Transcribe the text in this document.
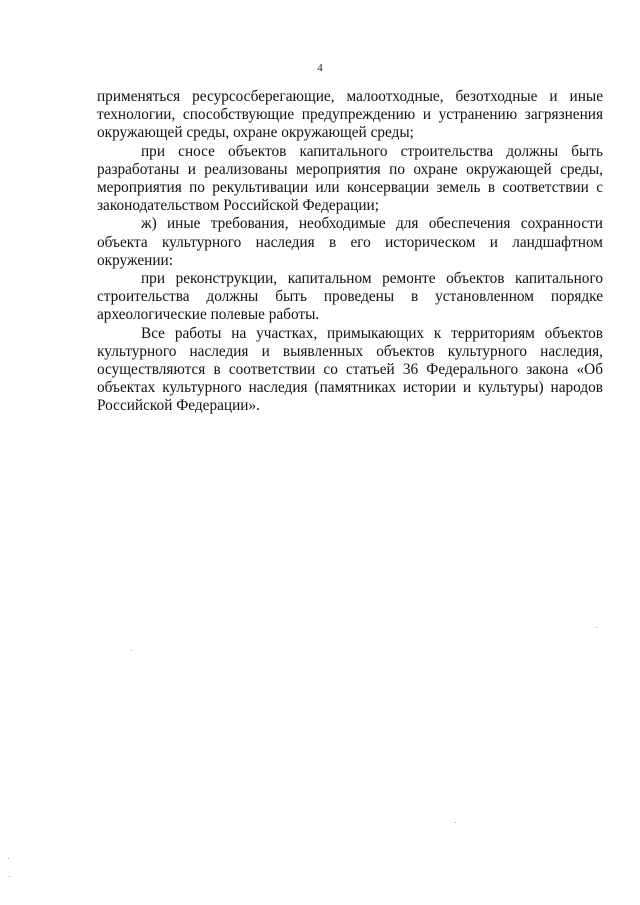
4

применяться ресурсосберегающие, малоотходные, безотходные и иные технологии, способствующие предупреждению и устранению загрязнения окружающей среды, охране окружающей среды;

при сносе объектов капитального строительства должны быть разработаны и реализованы мероприятия по охране окружающей среды, мероприятия по рекультивации или консервации земель в соответствии с законодательством Российской Федерации;

ж) иные требования, необходимые для обеспечения сохранности объекта культурного наследия в его историческом и ландшафтном окружении:

при реконструкции, капитальном ремонте объектов капитального строительства должны быть проведены в установленном порядке археологические полевые работы.

Все работы на участках, примыкающих к территориям объектов культурного наследия и выявленных объектов культурного наследия, осуществляются в соответствии со статьей 36 Федерального закона «Об объектах культурного наследия (памятниках истории и культуры) народов Российской Федерации».
